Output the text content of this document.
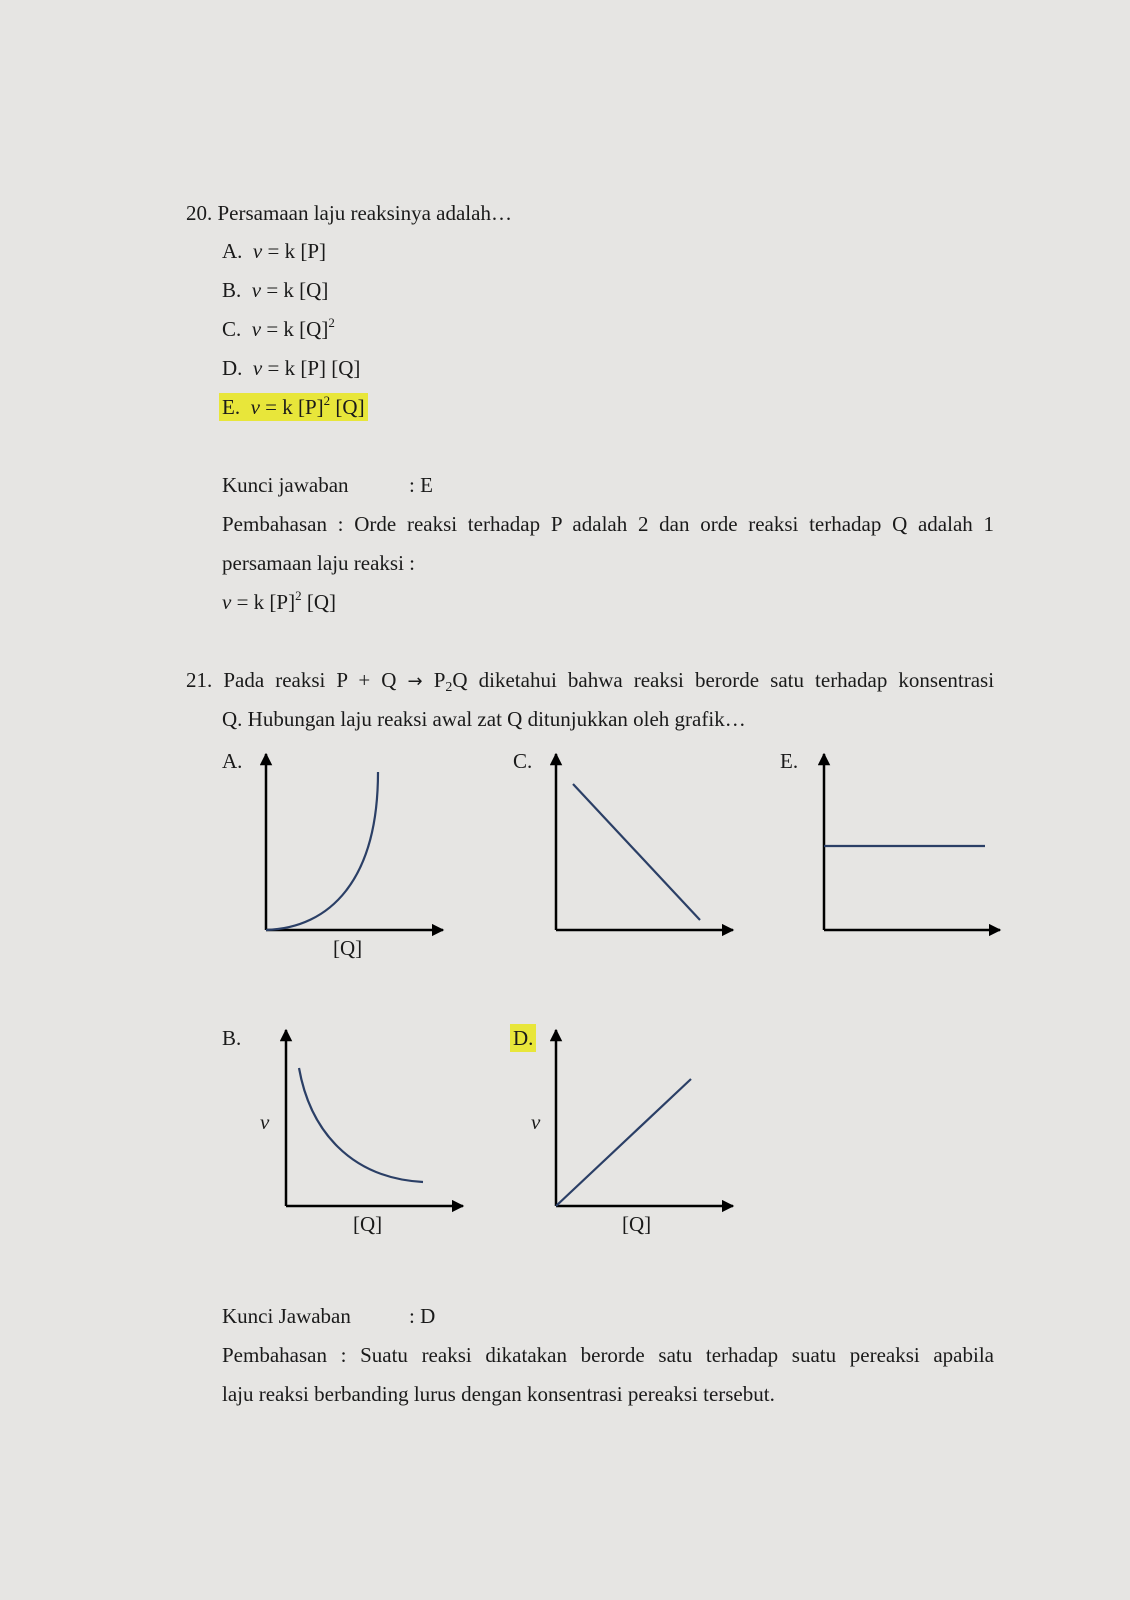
20. Persamaan laju reaksinya adalah…
A. v = k [P]
B. v = k [Q]
C. v = k $[Q]^2$
D. v = k [P] [Q]
E. v = k $[P]^2$ [Q]
Kunci jawaban	: E
Pembahasan : Orde reaksi terhadap P adalah 2 dan orde reaksi terhadap Q adalah 1
persamaan laju reaksi :
v = k $[P]^2$ [Q]
21. Pada reaksi $P + Q \to P_2Q$ diketahui bahwa reaksi berorde satu terhadap konsentrasi
Q. Hubungan laju reaksi awal zat Q ditunjukkan oleh grafik…
A.
[Q]
C.	E.
B.
v
[Q]
D.
v
[Q]
Kunci Jawaban	: D
Pembahasan : Suatu reaksi dikatakan berorde satu terhadap suatu pereaksi apabila
laju reaksi berbanding lurus dengan konsentrasi pereaksi tersebut.
